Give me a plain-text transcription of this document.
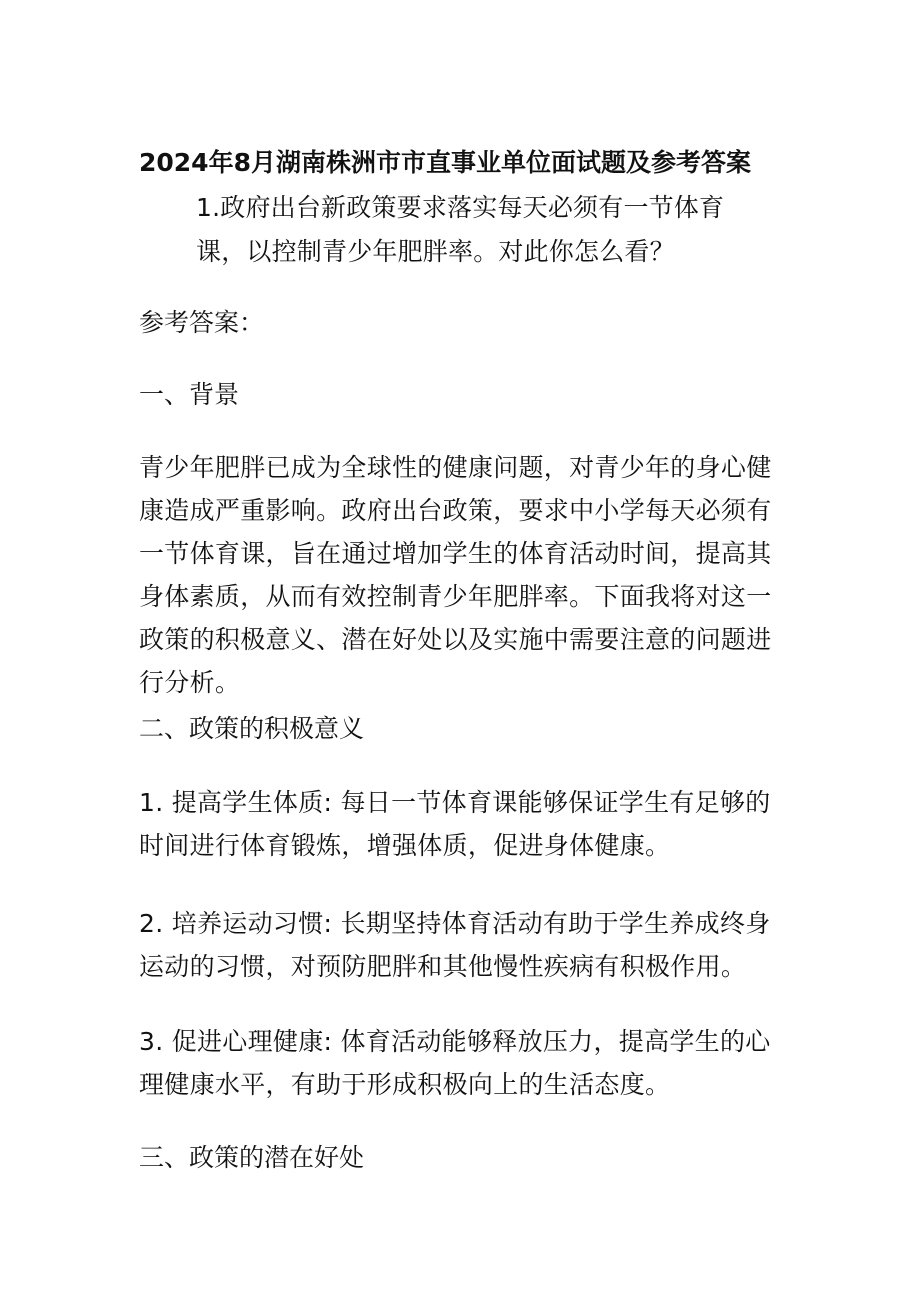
2024年8月湖南株洲市市直事业单位面试题及参考答案
1.政府出台新政策要求落实每天必须有一节体育课，以控制青少年肥胖率。对此你怎么看？
参考答案：
一、背景
青少年肥胖已成为全球性的健康问题，对青少年的身心健康造成严重影响。政府出台政策，要求中小学每天必须有一节体育课，旨在通过增加学生的体育活动时间，提高其身体素质，从而有效控制青少年肥胖率。下面我将对这一政策的积极意义、潜在好处以及实施中需要注意的问题进行分析。
二、政策的积极意义
1. 提高学生体质: 每日一节体育课能够保证学生有足够的时间进行体育锻炼，增强体质，促进身体健康。
2. 培养运动习惯: 长期坚持体育活动有助于学生养成终身运动的习惯，对预防肥胖和其他慢性疾病有积极作用。
3. 促进心理健康: 体育活动能够释放压力，提高学生的心理健康水平，有助于形成积极向上的生活态度。
三、政策的潜在好处
